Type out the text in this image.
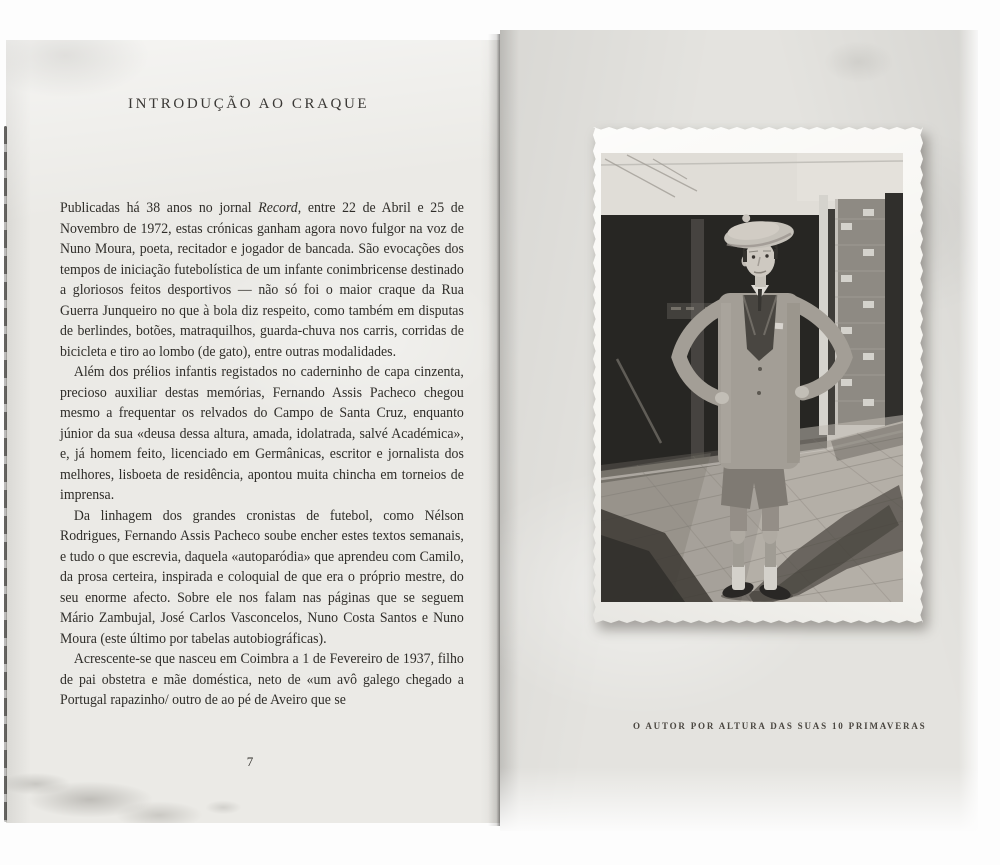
INTRODUÇÃO AO CRAQUE

Publicadas há 38 anos no jornal Record, entre 22 de Abril e 25 de Novembro de 1972, estas crónicas ganham agora novo fulgor na voz de Nuno Moura, poeta, recitador e jogador de bancada. São evocações dos tempos de iniciação futebolística de um infante conimbricense destinado a gloriosos feitos desportivos — não só foi o maior craque da Rua Guerra Junqueiro no que à bola diz respeito, como também em disputas de berlindes, botões, matraquilhos, guarda-chuva nos carris, corridas de bicicleta e tiro ao lombo (de gato), entre outras modalidades.

Além dos prélios infantis registados no caderninho de capa cinzenta, precioso auxiliar destas memórias, Fernando Assis Pacheco chegou mesmo a frequentar os relvados do Campo de Santa Cruz, enquanto júnior da sua «deusa dessa altura, amada, idolatrada, salvé Académica», e, já homem feito, licenciado em Germânicas, escritor e jornalista dos melhores, lisboeta de residência, apontou muita chincha em torneios de imprensa.

Da linhagem dos grandes cronistas de futebol, como Nélson Rodrigues, Fernando Assis Pacheco soube encher estes textos semanais, e tudo o que escrevia, daquela «autoparódia» que aprendeu com Camilo, da prosa certeira, inspirada e coloquial de que era o próprio mestre, do seu enorme afecto. Sobre ele nos falam nas páginas que se seguem Mário Zambujal, José Carlos Vasconcelos, Nuno Costa Santos e Nuno Moura (este último por tabelas autobiográficas).

Acrescente-se que nasceu em Coimbra a 1 de Fevereiro de 1937, filho de pai obstetra e mãe doméstica, neto de «um avô galego chegado a Portugal rapazinho/ outro de ao pé de Aveiro que se

7

O AUTOR POR ALTURA DAS SUAS 10 PRIMAVERAS
